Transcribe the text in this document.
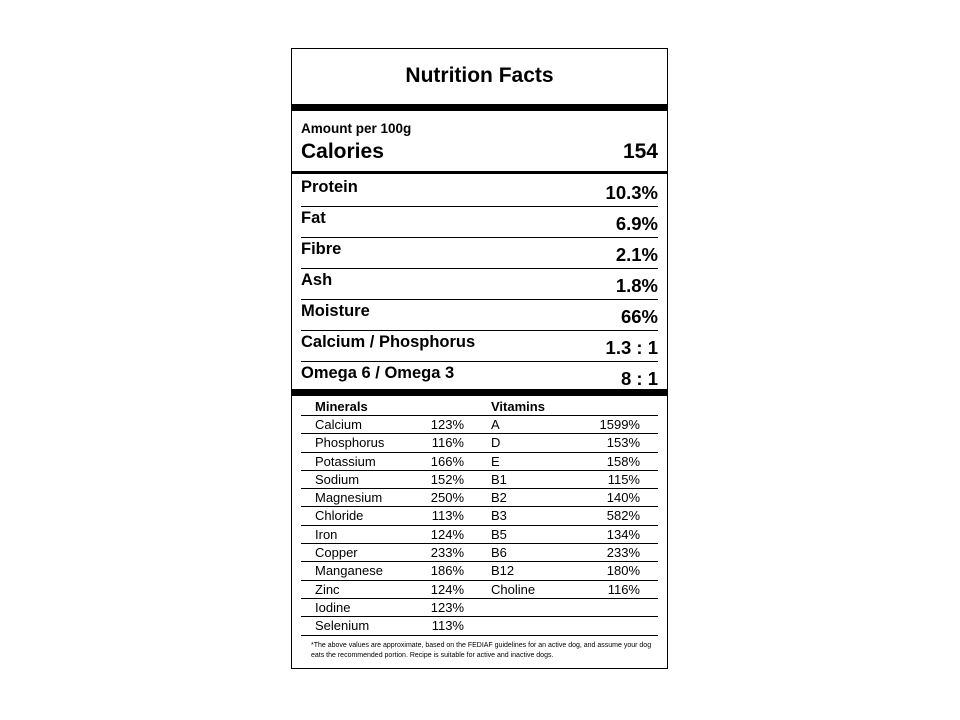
Nutrition Facts
Amount per 100g
Calories	154
Protein	10.3%
Fat	6.9%
Fibre	2.1%
Ash	1.8%
Moisture	66%
Calcium / Phosphorus	1.3 : 1
Omega 6 / Omega 3	8 : 1
Minerals	Vitamins
Calcium	123% A	1599%
Phosphorus	116% D	153%
Potassium	166% E	158%
Sodium	152% B1	115%
Magnesium	250% B2	140%
Chloride	113% B3	582%
Iron	124% B5	134%
Copper	233% B6	233%
Manganese	186% B12	180%
Zinc	124% Choline	116%
Iodine	123%
Selenium	113%
*The above values are approximate, based on the FEDIAF guidelines for an active dog, and assume your dog eats the recommended portion. Recipe is suitable for active and inactive dogs.
